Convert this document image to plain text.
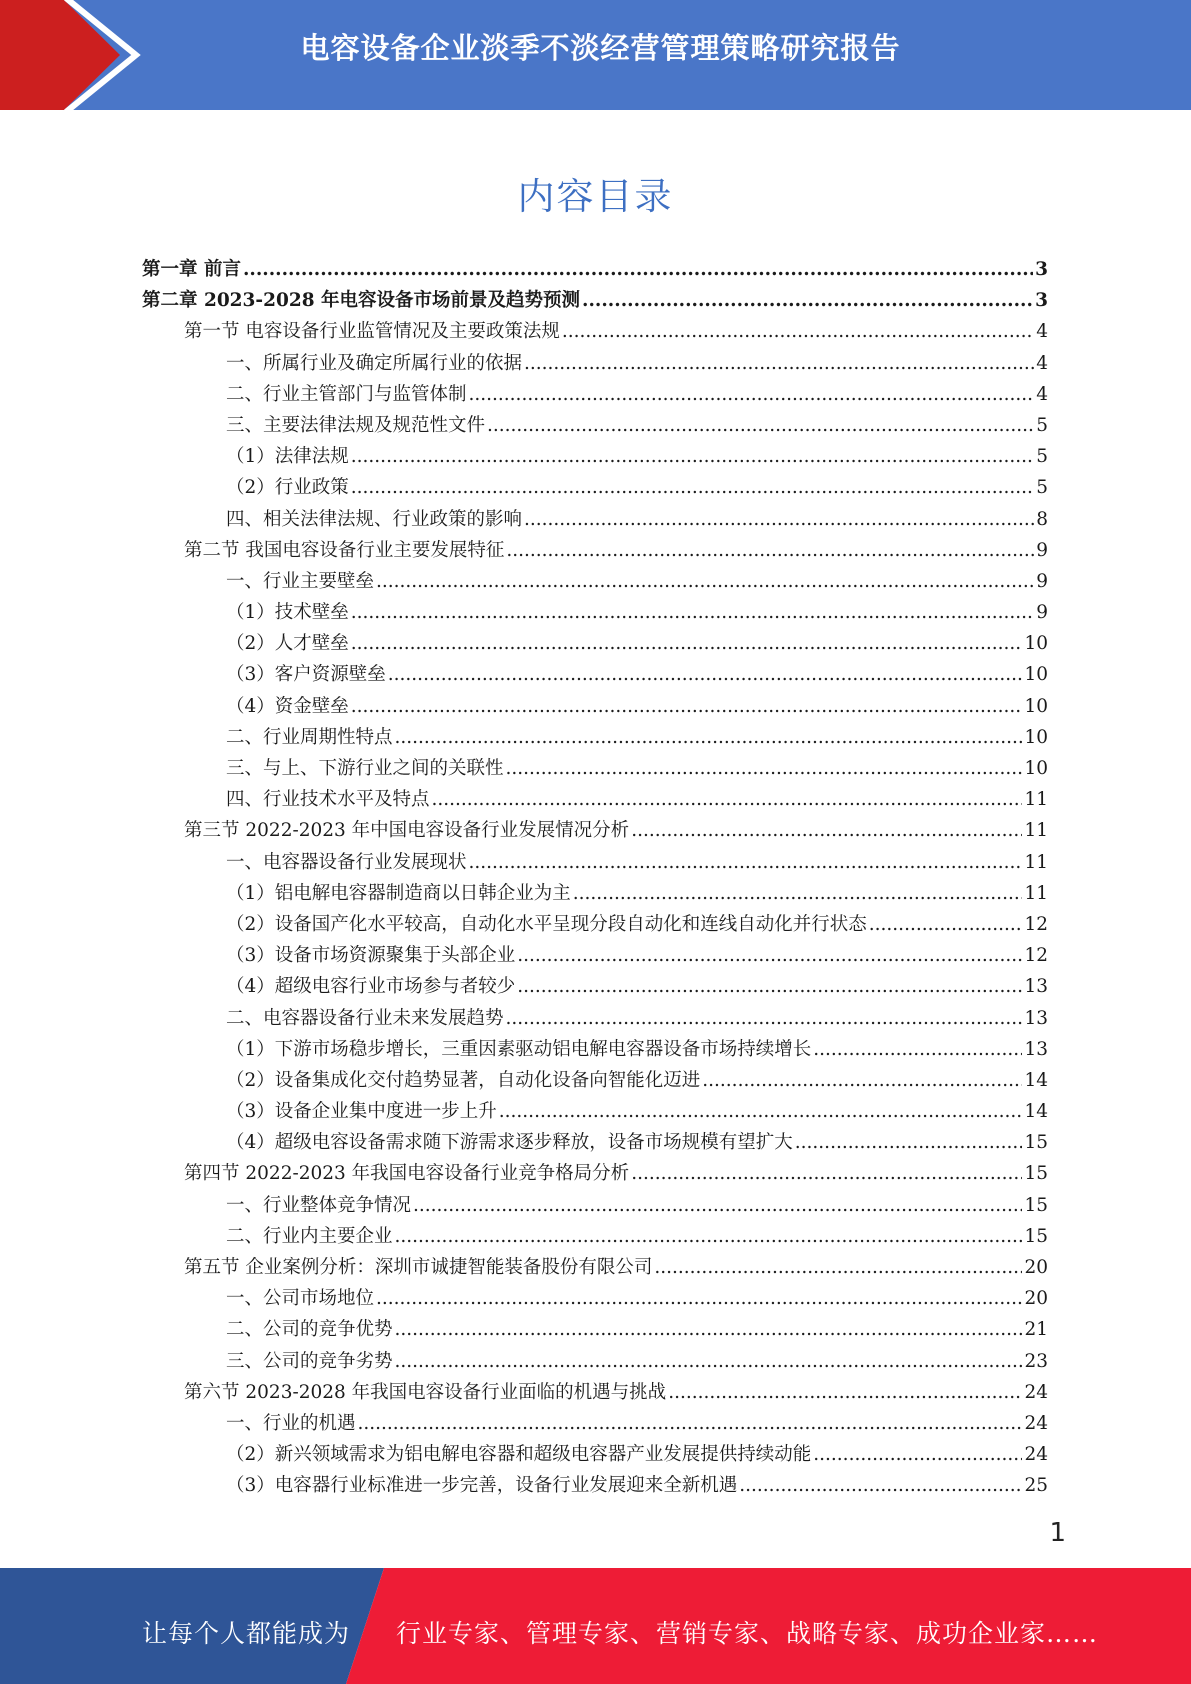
电容设备企业淡季不淡经营管理策略研究报告
内容目录
第一章 前言 .....	3
第二章 2023-2028 年电容设备市场前景及趋势预测 .....	3
第一节 电容设备行业监管情况及主要政策法规 .....	4
一、所属行业及确定所属行业的依据 .....	4
二、行业主管部门与监管体制 .....	4
三、主要法律法规及规范性文件 .....	5
（1）法律法规 .....	5
（2）行业政策 .....	5
四、相关法律法规、行业政策的影响 .....	8
第二节 我国电容设备行业主要发展特征 .....	9
一、行业主要壁垒 .....	9
（1）技术壁垒 .....	9
（2）人才壁垒 .....	10
（3）客户资源壁垒 .....	10
（4）资金壁垒 .....	10
二、行业周期性特点 .....	10
三、与上、下游行业之间的关联性 .....	10
四、行业技术水平及特点 .....	11
第三节 2022-2023 年中国电容设备行业发展情况分析 .....	11
一、电容器设备行业发展现状 .....	11
（1）铝电解电容器制造商以日韩企业为主 .....	11
（2）设备国产化水平较高，自动化水平呈现分段自动化和连线自动化并行状态 .....	12
（3）设备市场资源聚集于头部企业 .....	12
（4）超级电容行业市场参与者较少 .....	13
二、电容器设备行业未来发展趋势 .....	13
（1）下游市场稳步增长，三重因素驱动铝电解电容器设备市场持续增长 .....	13
（2）设备集成化交付趋势显著，自动化设备向智能化迈进 .....	14
（3）设备企业集中度进一步上升 .....	14
（4）超级电容设备需求随下游需求逐步释放，设备市场规模有望扩大 .....	15
第四节 2022-2023 年我国电容设备行业竞争格局分析 .....	15
一、行业整体竞争情况 .....	15
二、行业内主要企业 .....	15
第五节 企业案例分析：深圳市诚捷智能装备股份有限公司 .....	20
一、公司市场地位 .....	20
二、公司的竞争优势 .....	21
三、公司的竞争劣势 .....	23
第六节 2023-2028 年我国电容设备行业面临的机遇与挑战 .....	24
一、行业的机遇 .....	24
（2）新兴领域需求为铝电解电容器和超级电容器产业发展提供持续动能 .....	24
（3）电容器行业标准进一步完善，设备行业发展迎来全新机遇 .....	25
1
让每个人都能成为 行业专家、管理专家、营销专家、战略专家、成功企业家……
